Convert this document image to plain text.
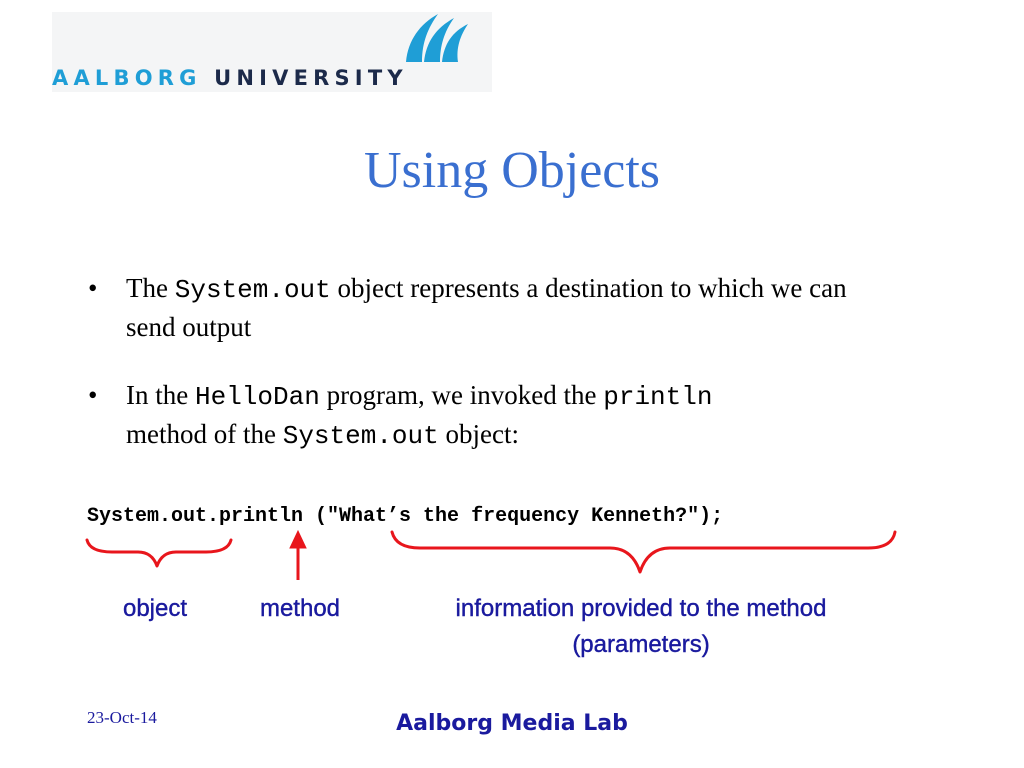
AALBORG UNIVERSITY
Using Objects
• The System.out object represents a destination to which we can send output
• In the HelloDan program, we invoked the println
method of the System.out object:
System.out.println ("What’s the frequency Kenneth?");
object	method	information provided to the method
(parameters)
23-Oct-14	Aalborg Media Lab
